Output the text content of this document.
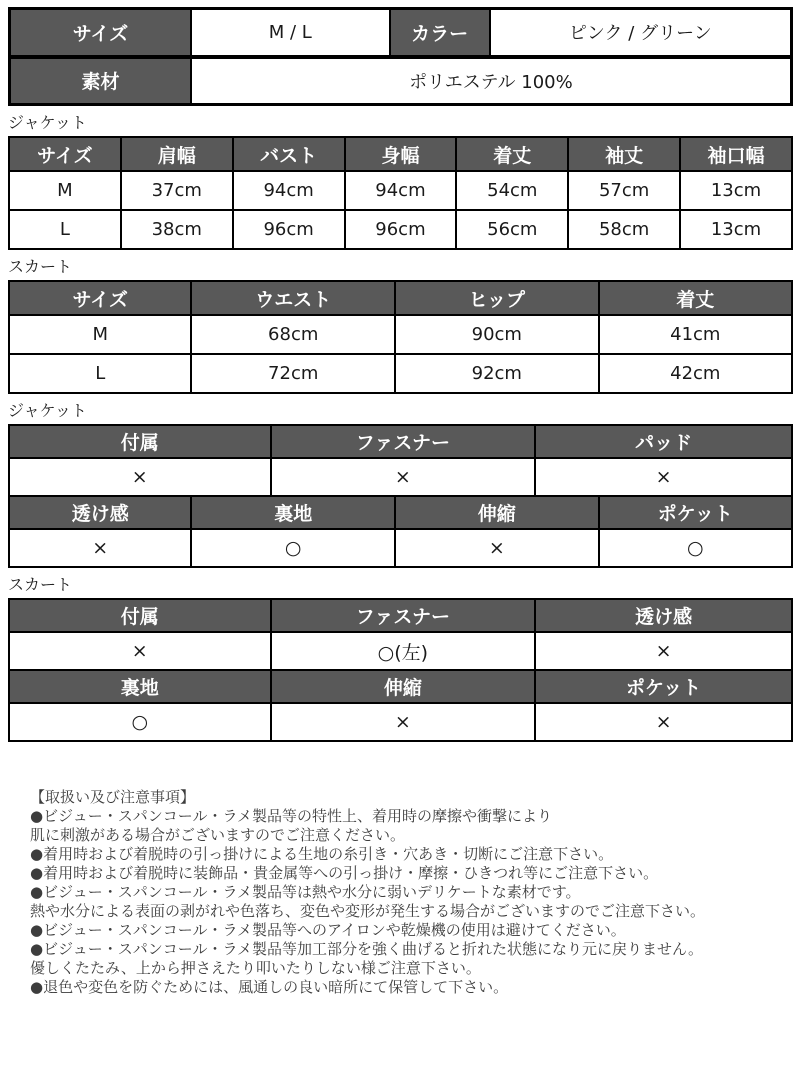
サイズ	M / L	カラー	ピンク / グリーン
素材	ポリエステル 100%		
ジャケット
サイズ	肩幅	バスト	身幅	着丈	袖丈	袖口幅
M	37cm	94cm	94cm	54cm	57cm	13cm
L	38cm	96cm	96cm	56cm	58cm	13cm
スカート
サイズ	ウエスト	ヒップ	着丈
M	68cm	90cm	41cm
L	72cm	92cm	42cm
ジャケット
付属	ファスナー	パッド
×	×	×
透け感	裏地	伸縮	ポケット
×	○	×	○
スカート
付属	ファスナー	透け感
×	○(左)	×
裏地	伸縮	ポケット
○	×	×
【取扱い及び注意事項】
●ビジュー・スパンコール・ラメ製品等の特性上、着用時の摩擦や衝撃により
肌に刺激がある場合がございますのでご注意ください。
●着用時および着脱時の引っ掛けによる生地の糸引き・穴あき・切断にご注意下さい。
●着用時および着脱時に装飾品・貴金属等への引っ掛け・摩擦・ひきつれ等にご注意下さい。
●ビジュー・スパンコール・ラメ製品等は熱や水分に弱いデリケートな素材です。
熱や水分による表面の剥がれや色落ち、変色や変形が発生する場合がございますのでご注意下さい。
●ビジュー・スパンコール・ラメ製品等へのアイロンや乾燥機の使用は避けてください。
●ビジュー・スパンコール・ラメ製品等加工部分を強く曲げると折れた状態になり元に戻りません。
優しくたたみ、上から押さえたり叩いたりしない様ご注意下さい。
●退色や変色を防ぐためには、風通しの良い暗所にて保管して下さい。
